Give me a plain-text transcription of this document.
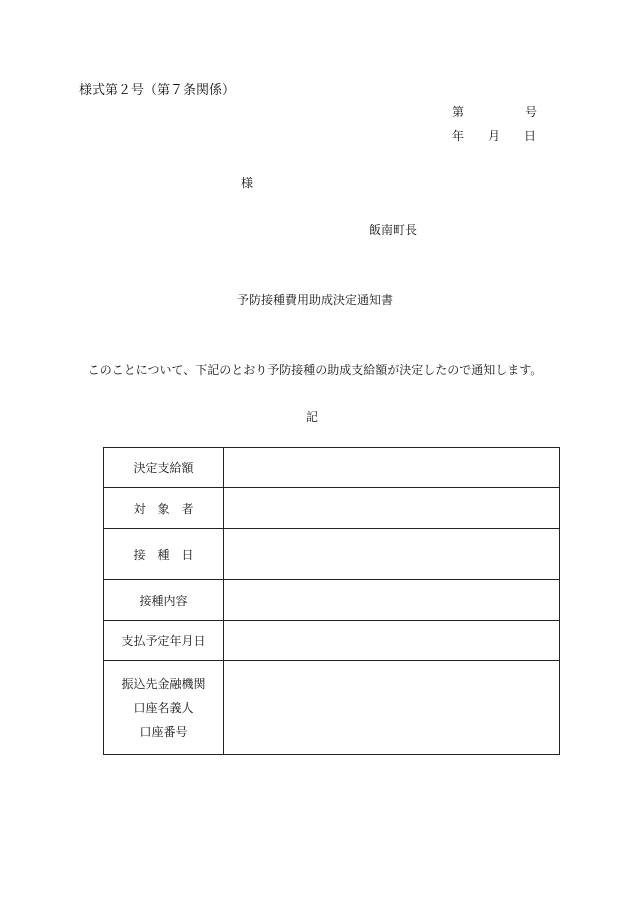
様式第２号（第７条関係）
第	号
年 月 日
様
飯南町長
予防接種費用助成決定通知書
このことについて、下記のとおり予防接種の助成支給額が決定したので通知します。
記
決定支給額	
対　象　者	
接　種　日	
接種内容	
支払予定年月日	

振込先金融機関
口座名義人
口座番号	
